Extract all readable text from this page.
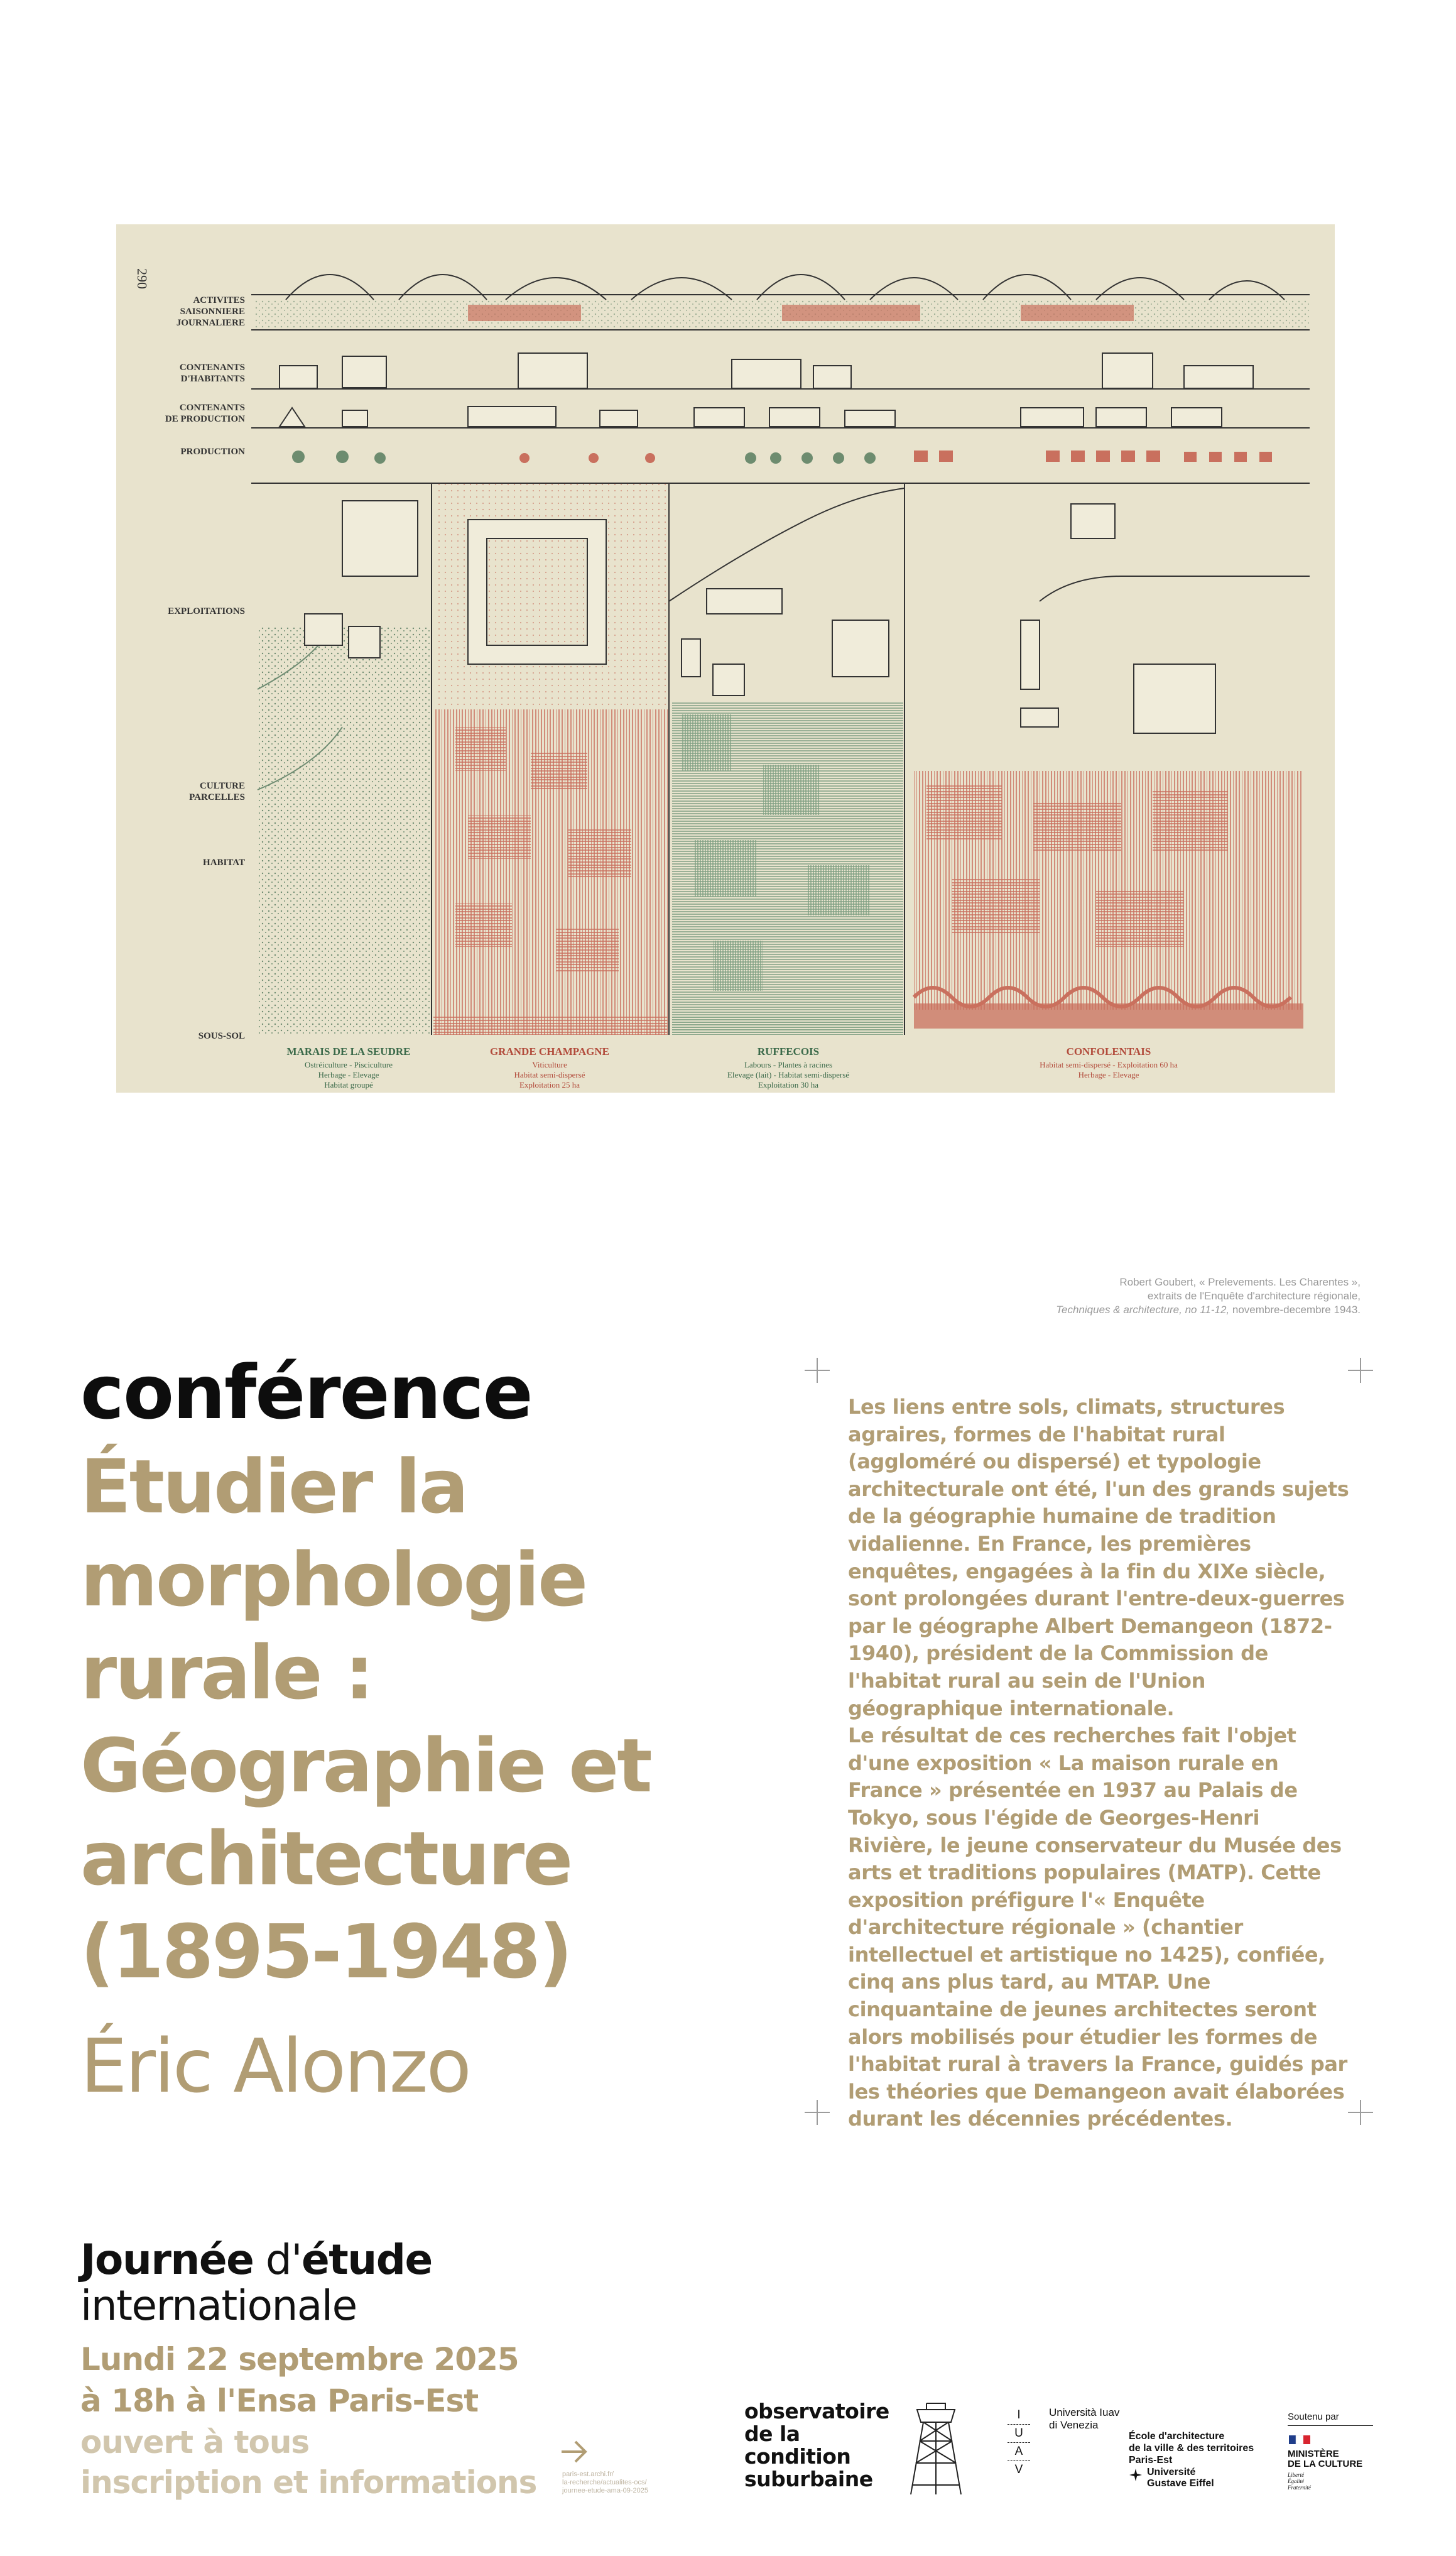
290
ACTIVITES
SAISONNIERE
JOURNALIERE
CONTENANTS
D'HABITANTS
CONTENANTS
DE PRODUCTION
PRODUCTION
EXPLOITATIONS
CULTURE
PARCELLES
HABITAT
SOUS-SOL
MARAIS DE LA SEUDRE
Ostréiculture - Pisciculture
Herbage - Elevage
Habitat groupé
GRANDE CHAMPAGNE
Viticulture
Habitat semi-dispersé
Exploitation 25 ha
RUFFECOIS
Labours - Plantes à racines
Elevage (lait) - Habitat semi-dispersé
Exploitation 30 ha
CONFOLENTAIS
Habitat semi-dispersé - Exploitation 60 ha
Herbage - Elevage
Robert Goubert, « Prelevements. Les Charentes »,
extraits de l'Enquête d'architecture régionale,
Techniques & architecture, no 11-12, novembre-decembre 1943.
conférence
Étudier la morphologie rurale : Géographie et architecture (1895-1948)
Éric Alonzo

Les liens entre sols, climats, structures agraires, formes de l'habitat rural (aggloméré ou dispersé) et typologie architecturale ont été, l'un des grands sujets de la géographie humaine de tradition vidalienne. En France, les premières enquêtes, engagées à la fin du XIXe siècle, sont prolongées durant l'entre-deux-guerres par le géographe Albert Demangeon (1872-1940), président de la Commission de l'habitat rural au sein de l'Union géographique internationale.

Le résultat de ces recherches fait l'objet d'une exposition « La maison rurale en France » présentée en 1937 au Palais de Tokyo, sous l'égide de Georges-Henri Rivière, le jeune conservateur du Musée des arts et traditions populaires (MATP). Cette exposition préfigure l'« Enquête d'architecture régionale » (chantier intellectuel et artistique no 1425), confiée, cinq ans plus tard, au MTAP. Une cinquantaine de jeunes architectes seront alors mobilisés pour étudier les formes de l'habitat rural à travers la France, guidés par les théories que Demangeon avait élaborées durant les décennies précédentes.

Journée d'étude
internationale
Lundi 22 septembre 2025
à 18h à l'Ensa Paris-Est
ouvert à tous
inscription et informations	paris-est.archi.fr/
la-recherche/actualites-ocs/
journee-etude-ama-09-2025
observatoire
de la
condition
suburbaine
I
U
A
V
Università Iuav
di Venezia
École d'architecture
de la ville & des territoires
Paris-Est
Université
Gustave Eiffel
Soutenu par
MINISTÈRE
DE LA CULTURE
Liberté
Égalité
Fraternité
